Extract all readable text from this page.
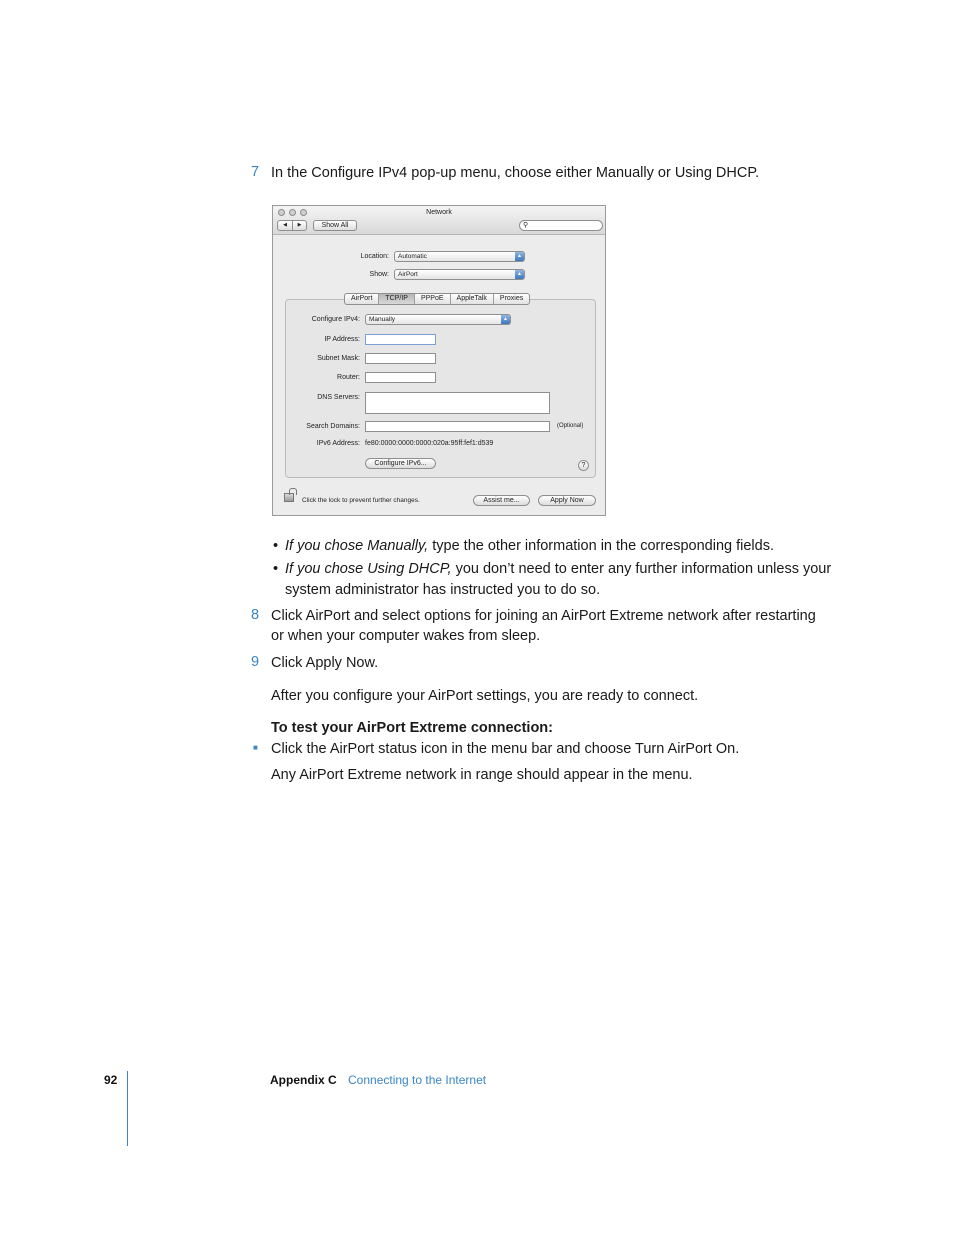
7 In the Configure IPv4 pop-up menu, choose either Manually or Using DHCP.
Network
◀	▶	Show All	⚲
Location:	Automatic	▲
Show:	AirPort	▲
AirPort	TCP/IP	PPPoE	AppleTalk	Proxies
Configure IPv4:	Manually	▲
IP Address:
Subnet Mask:
Router:
DNS Servers:
Search Domains:	(Optional)
IPv6 Address: fe80:0000:0000:0000:020a:95ff:fef1:d539
Configure IPv6...	?
Click the lock to prevent further changes.	Assist me...	Apply Now
• If you chose Manually, type the other information in the corresponding fields.
• If you chose Using DHCP, you don’t need to enter any further information unless your
system administrator has instructed you to do so.
8 Click AirPort and select options for joining an AirPort Extreme network after restarting
or when your computer wakes from sleep.
9 Click Apply Now.
After you configure your AirPort settings, you are ready to connect.
To test your AirPort Extreme connection:
■ Click the AirPort status icon in the menu bar and choose Turn AirPort On.
Any AirPort Extreme network in range should appear in the menu.
92	Appendix C Connecting to the Internet
